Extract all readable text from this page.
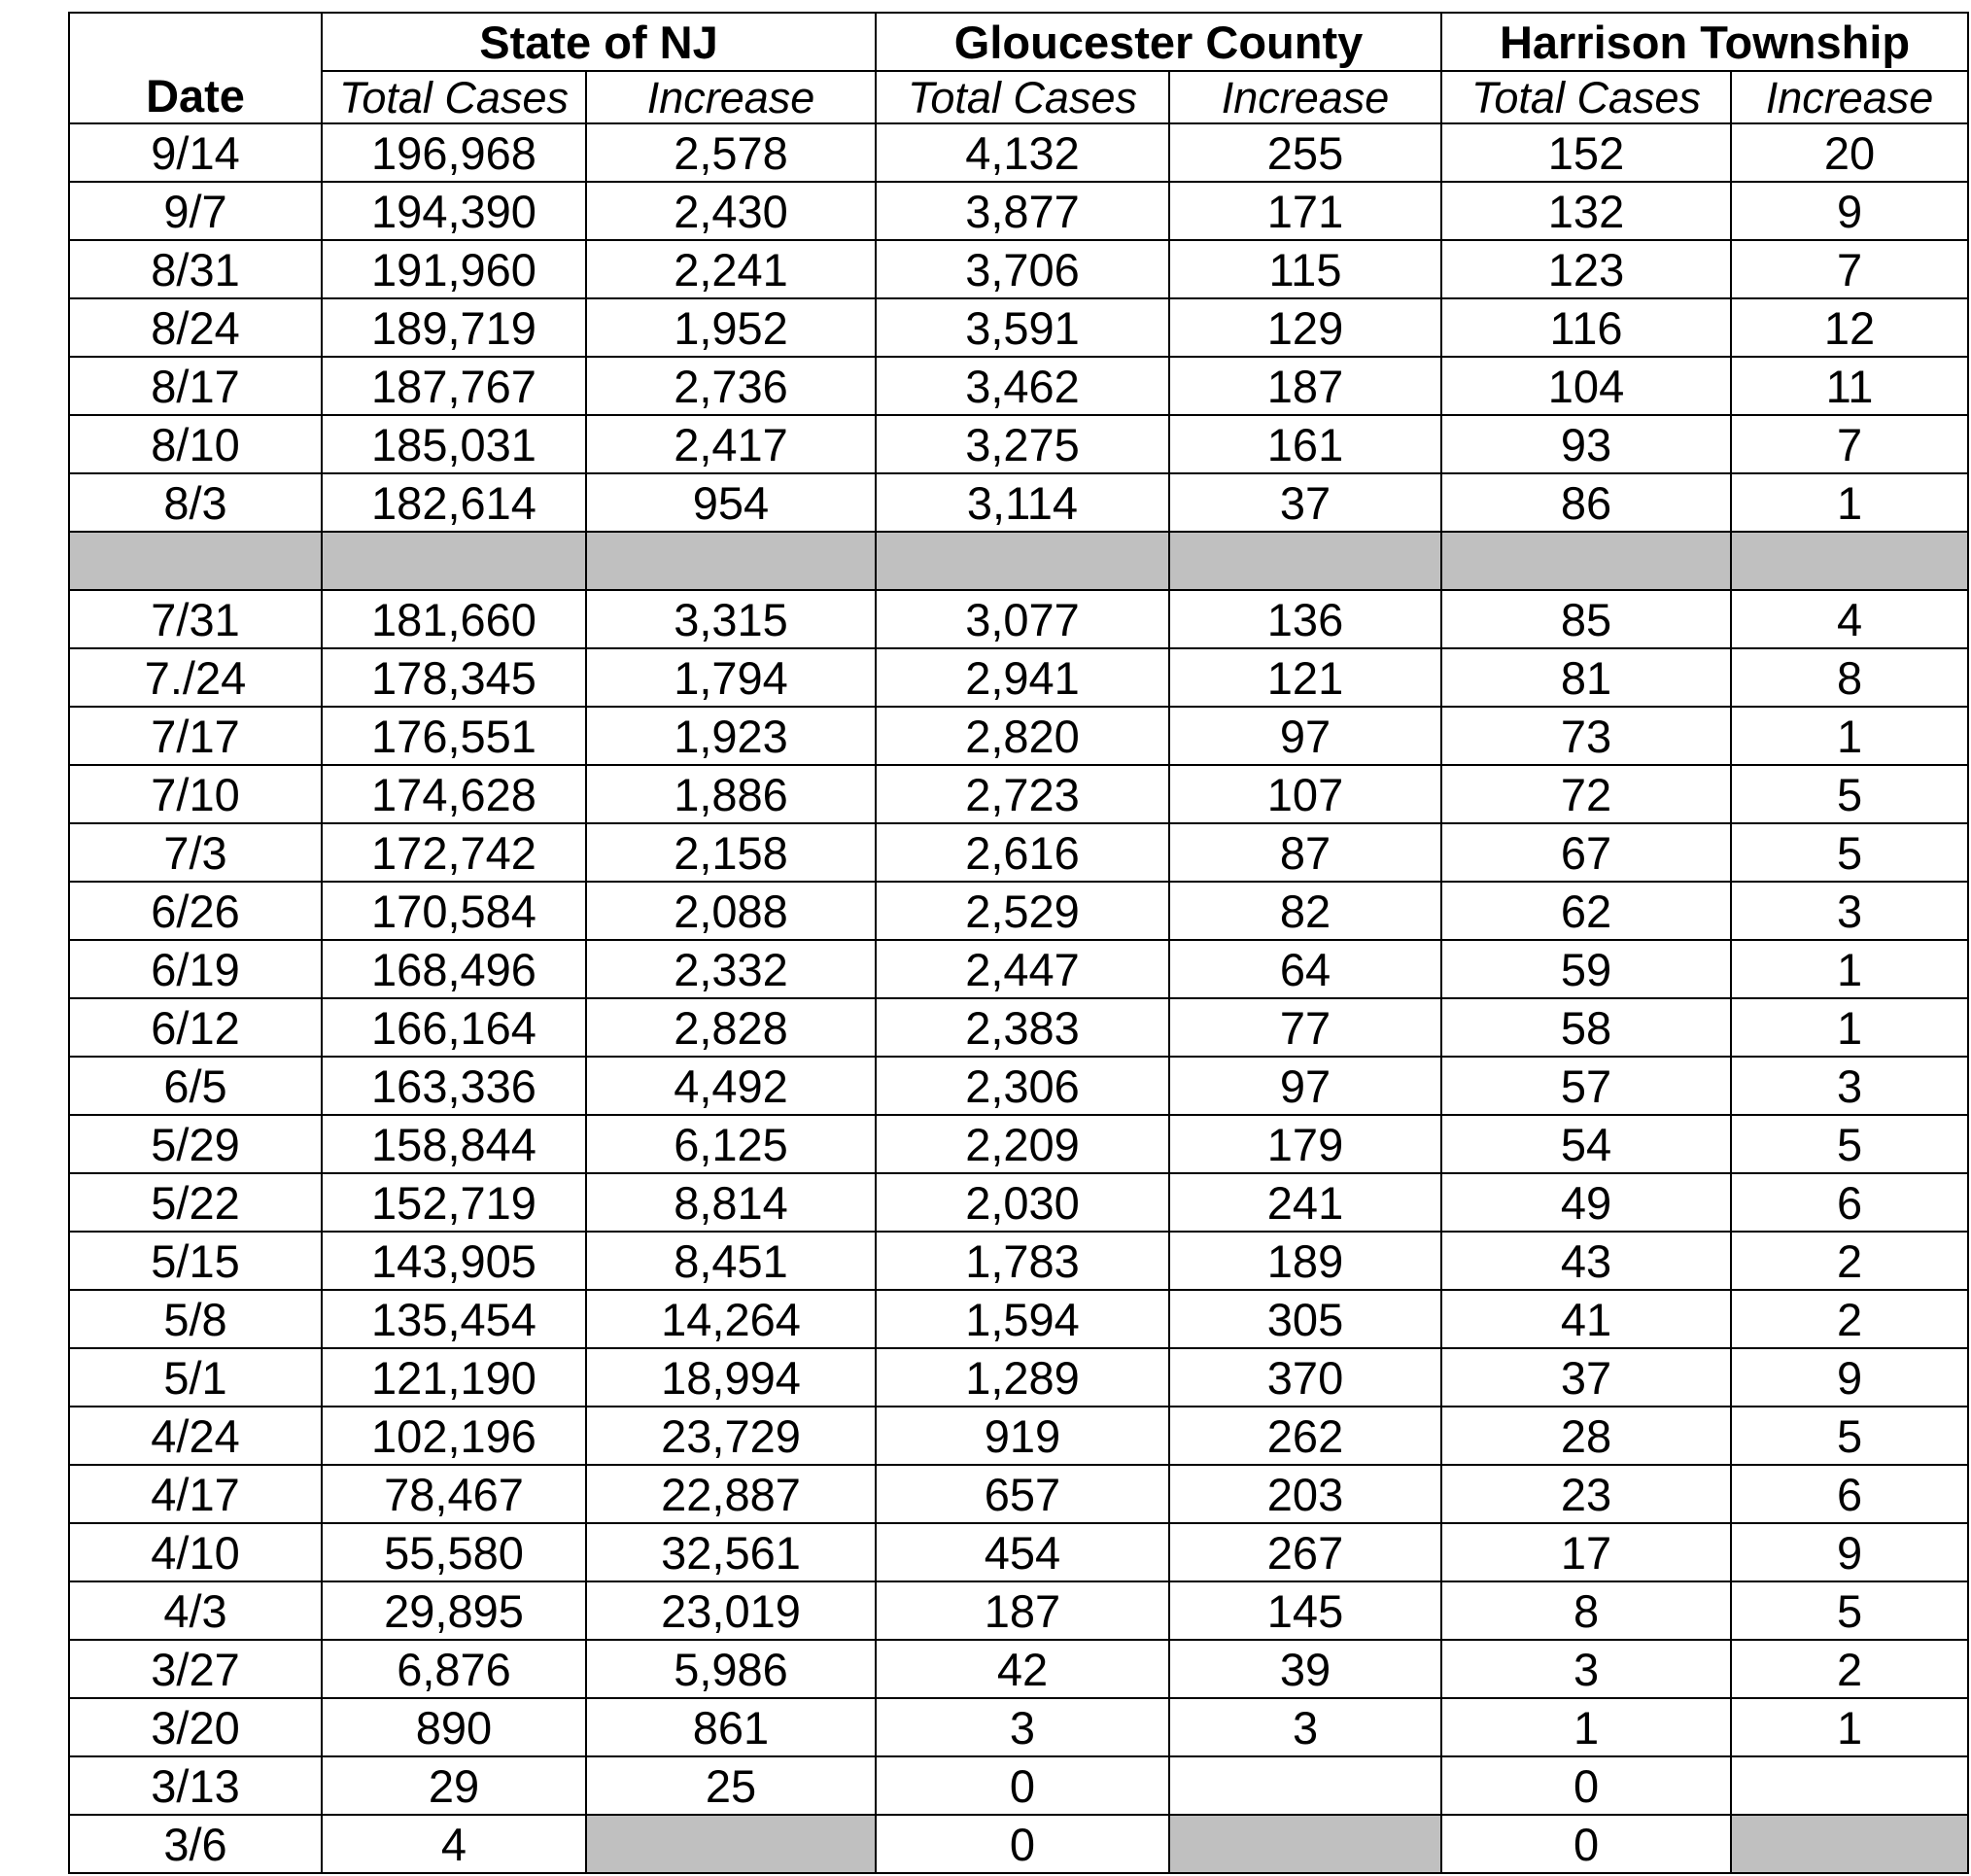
Date	State of NJ		Gloucester County		Harrison Township	
	Total Cases	Increase	Total Cases	Increase	Total Cases	Increase
9/14	196,968	2,578	4,132	255	152	20
9/7	194,390	2,430	3,877	171	132	9
8/31	191,960	2,241	3,706	115	123	7
8/24	189,719	1,952	3,591	129	116	12
8/17	187,767	2,736	3,462	187	104	11
8/10	185,031	2,417	3,275	161	93	7
8/3	182,614	954	3,114	37	86	1

7/31	181,660	3,315	3,077	136	85	4
7./24	178,345	1,794	2,941	121	81	8
7/17	176,551	1,923	2,820	97	73	1
7/10	174,628	1,886	2,723	107	72	5
7/3	172,742	2,158	2,616	87	67	5
6/26	170,584	2,088	2,529	82	62	3
6/19	168,496	2,332	2,447	64	59	1
6/12	166,164	2,828	2,383	77	58	1
6/5	163,336	4,492	2,306	97	57	3
5/29	158,844	6,125	2,209	179	54	5
5/22	152,719	8,814	2,030	241	49	6
5/15	143,905	8,451	1,783	189	43	2
5/8	135,454	14,264	1,594	305	41	2
5/1	121,190	18,994	1,289	370	37	9
4/24	102,196	23,729	919	262	28	5
4/17	78,467	22,887	657	203	23	6
4/10	55,580	32,561	454	267	17	9
4/3	29,895	23,019	187	145	8	5
3/27	6,876	5,986	42	39	3	2
3/20	890	861	3	3	1	1
3/13	29	25	0		0	
3/6	4		0		0	
